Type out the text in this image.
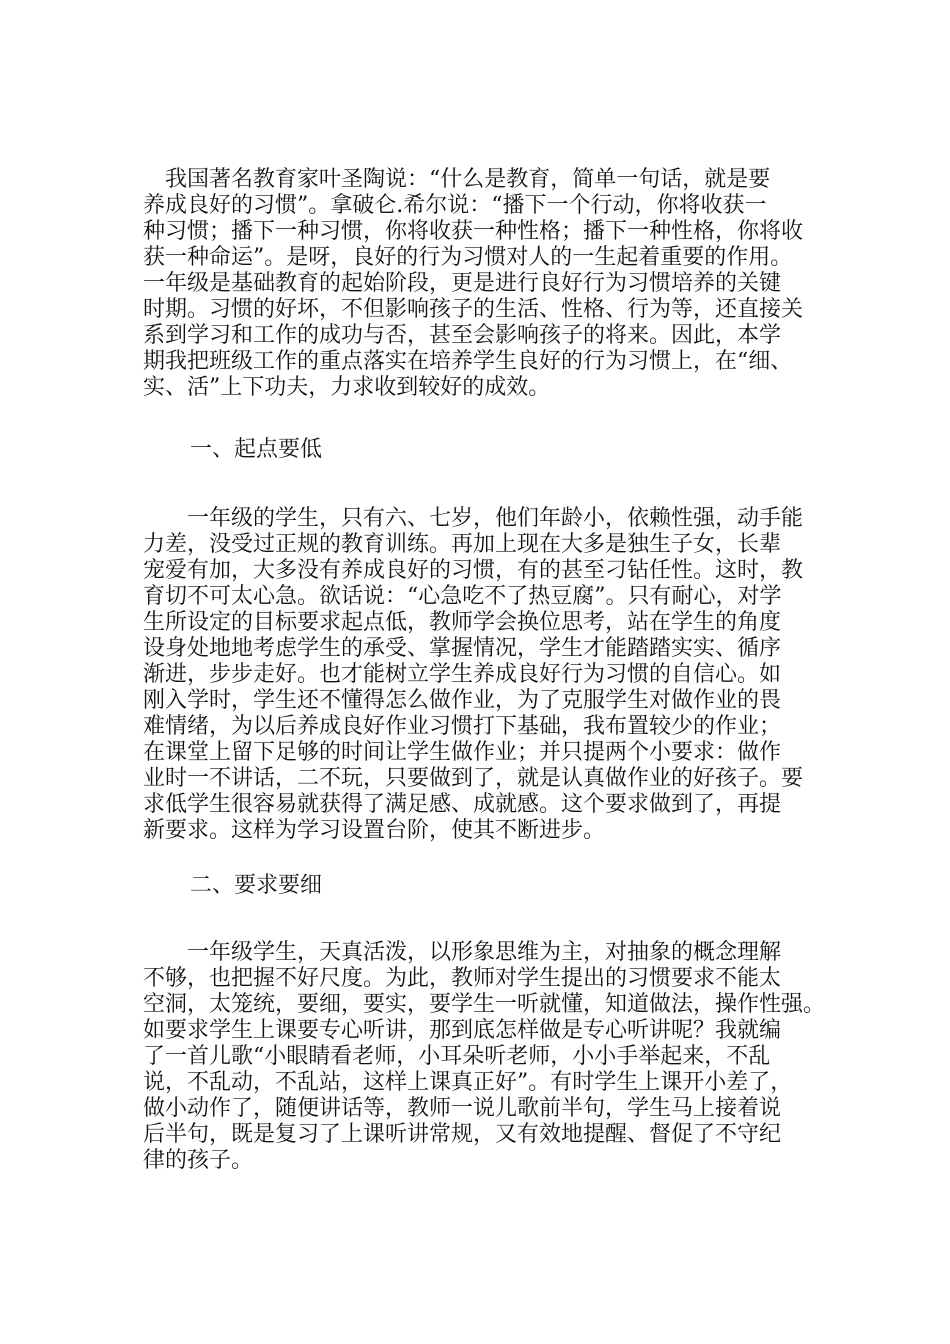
　我国著名教育家叶圣陶说：“什么是教育，简单一句话，就是要
养成良好的习惯”。拿破仑.希尔说：“播下一个行动，你将收获一
种习惯；播下一种习惯，你将收获一种性格；播下一种性格，你将收
获一种命运”。是呀，良好的行为习惯对人的一生起着重要的作用。
一年级是基础教育的起始阶段，更是进行良好行为习惯培养的关键
时期。习惯的好坏，不但影响孩子的生活、性格、行为等，还直接关
系到学习和工作的成功与否，甚至会影响孩子的将来。因此，本学
期我把班级工作的重点落实在培养学生良好的行为习惯上，在“细、
实、活”上下功夫，力求收到较好的成效。
一、起点要低
　　一年级的学生，只有六、七岁，他们年龄小，依赖性强，动手能
力差，没受过正规的教育训练。再加上现在大多是独生子女，长辈
宠爱有加，大多没有养成良好的习惯，有的甚至刁钻任性。这时，教
育切不可太心急。欲话说：“心急吃不了热豆腐”。只有耐心，对学
生所设定的目标要求起点低，教师学会换位思考，站在学生的角度
设身处地地考虑学生的承受、掌握情况，学生才能踏踏实实、循序
渐进，步步走好。也才能树立学生养成良好行为习惯的自信心。如
刚入学时，学生还不懂得怎么做作业，为了克服学生对做作业的畏
难情绪，为以后养成良好作业习惯打下基础，我布置较少的作业；
在课堂上留下足够的时间让学生做作业；并只提两个小要求：做作
业时一不讲话，二不玩，只要做到了，就是认真做作业的好孩子。要
求低学生很容易就获得了满足感、成就感。这个要求做到了，再提
新要求。这样为学习设置台阶，使其不断进步。
二、要求要细
　　一年级学生，天真活泼，以形象思维为主，对抽象的概念理解
不够，也把握不好尺度。为此，教师对学生提出的习惯要求不能太
空洞，太笼统，要细，要实，要学生一听就懂，知道做法，操作性强。
如要求学生上课要专心听讲，那到底怎样做是专心听讲呢？我就编
了一首儿歌“小眼睛看老师，小耳朵听老师，小小手举起来，不乱
说，不乱动，不乱站，这样上课真正好”。有时学生上课开小差了，
做小动作了，随便讲话等，教师一说儿歌前半句，学生马上接着说
后半句，既是复习了上课听讲常规，又有效地提醒、督促了不守纪
律的孩子。
